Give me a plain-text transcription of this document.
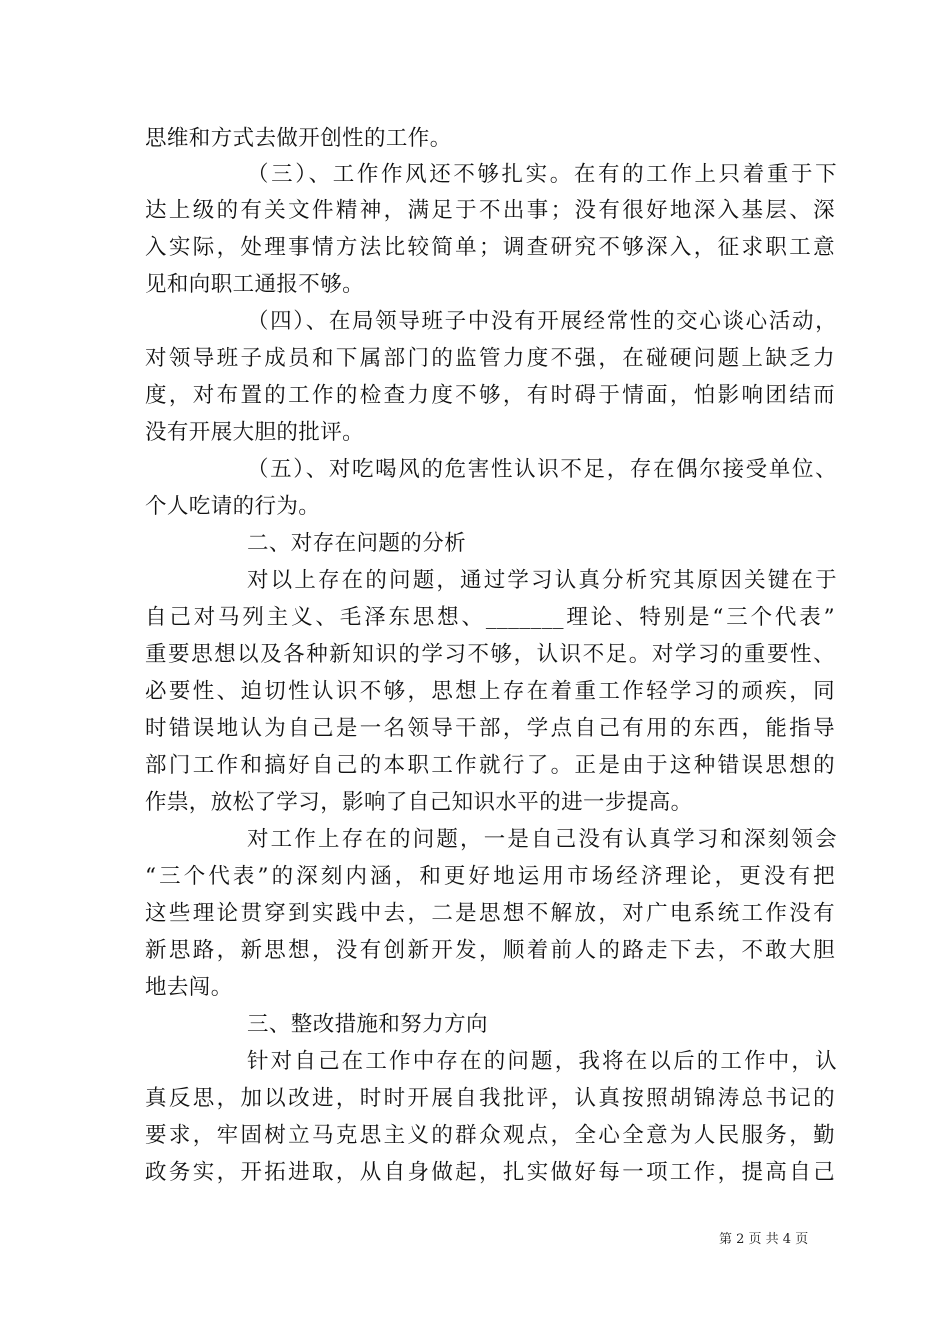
思维和方式去做开创性的工作。
（三）、工作作风还不够扎实。在有的工作上只着重于下
达上级的有关文件精神，满足于不出事；没有很好地深入基层、深
入实际，处理事情方法比较简单；调查研究不够深入，征求职工意
见和向职工通报不够。
（四）、在局领导班子中没有开展经常性的交心谈心活动，
对领导班子成员和下属部门的监管力度不强，在碰硬问题上缺乏力
度，对布置的工作的检查力度不够，有时碍于情面，怕影响团结而
没有开展大胆的批评。
（五）、对吃喝风的危害性认识不足，存在偶尔接受单位、
个人吃请的行为。
二、对存在问题的分析
对以上存在的问题，通过学习认真分析究其原因关键在于
自己对马列主义、毛泽东思想、_______理论、特别是“三个代表”
重要思想以及各种新知识的学习不够，认识不足。对学习的重要性、
必要性、迫切性认识不够，思想上存在着重工作轻学习的顽疾，同
时错误地认为自己是一名领导干部，学点自己有用的东西，能指导
部门工作和搞好自己的本职工作就行了。正是由于这种错误思想的
作祟，放松了学习，影响了自己知识水平的进一步提高。
对工作上存在的问题，一是自己没有认真学习和深刻领会
“三个代表”的深刻内涵，和更好地运用市场经济理论，更没有把
这些理论贯穿到实践中去，二是思想不解放，对广电系统工作没有
新思路，新思想，没有创新开发，顺着前人的路走下去，不敢大胆
地去闯。
三、整改措施和努力方向
针对自己在工作中存在的问题，我将在以后的工作中，认
真反思，加以改进，时时开展自我批评，认真按照胡锦涛总书记的
要求，牢固树立马克思主义的群众观点，全心全意为人民服务，勤
政务实，开拓进取，从自身做起，扎实做好每一项工作，提高自己
第 2 页 共 4 页
